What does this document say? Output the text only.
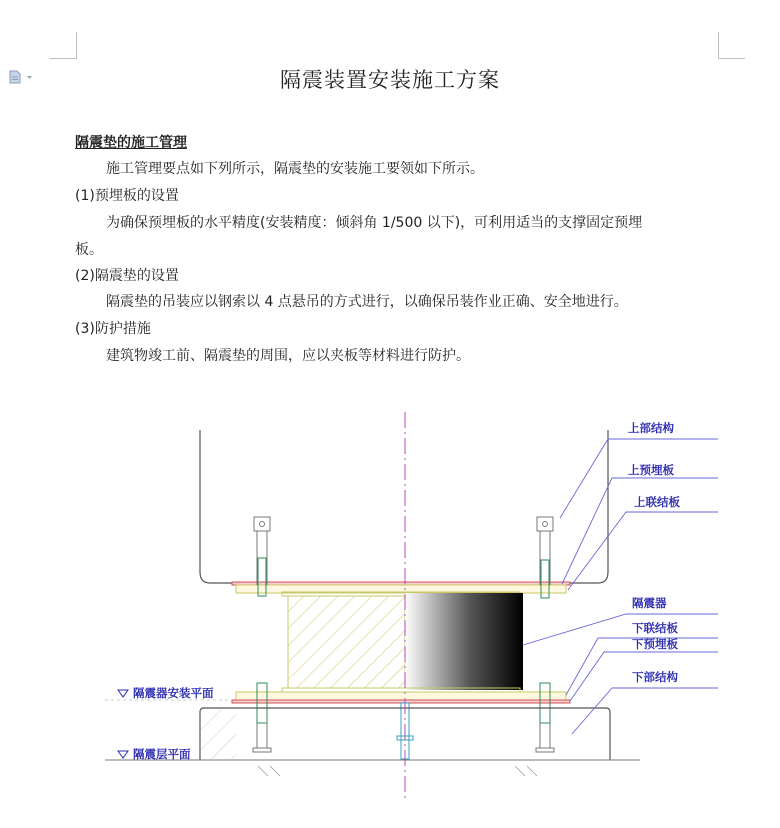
隔震装置安装施工方案
隔震垫的施工管理
施工管理要点如下列所示，隔震垫的安装施工要领如下所示。
(1)预埋板的设置
为确保预埋板的水平精度(安装精度：倾斜角 1/500 以下)，可利用适当的支撑固定预埋
板。
(2)隔震垫的设置
隔震垫的吊装应以钢索以 4 点悬吊的方式进行，以确保吊装作业正确、安全地进行。
(3)防护措施
建筑物竣工前、隔震垫的周围，应以夹板等材料进行防护。
上部结构
上预埋板
上联结板
隔震器
下联结板
下预埋板
下部结构
隔震器安装平面
隔震层平面
